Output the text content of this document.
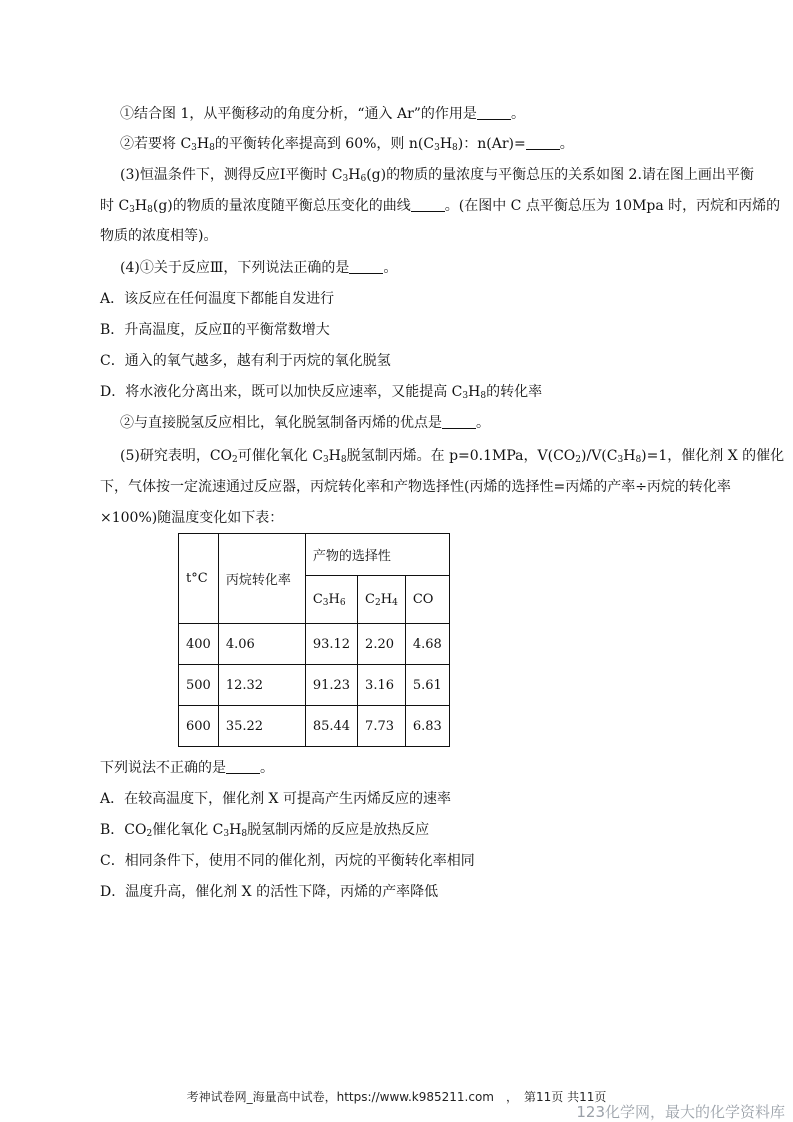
①结合图 1，从平衡移动的角度分析，“通入 Ar”的作用是 。
②若要将 $C_3H_8$的平衡转化率提高到 60%，则 $n(C_3H_8)$：n(Ar)= 。
(3)恒温条件下，测得反应Ⅰ平衡时 $C_3H_6(g)$的物质的量浓度与平衡总压的关系如图 2.请在图上画出平衡
时 $C_3H_8(g)$的物质的量浓度随平衡总压变化的曲线 。(在图中 C 点平衡总压为 10Mpa 时，丙烷和丙烯的
物质的浓度相等)。
(4)①关于反应Ⅲ，下列说法正确的是 。
A．该反应在任何温度下都能自发进行
B．升高温度，反应Ⅱ的平衡常数增大
C．通入的氧气越多，越有利于丙烷的氧化脱氢
D．将水液化分离出来，既可以加快反应速率，又能提高 $C_3H_8$的转化率
②与直接脱氢反应相比，氧化脱氢制备丙烯的优点是 。
(5)研究表明，$CO_2$可催化氧化 $C_3H_8$脱氢制丙烯。在 p=0.1MPa，$V(CO_2)/V(C_3H_8)=1$，催化剂 X 的催化
下，气体按一定流速通过反应器，丙烷转化率和产物选择性(丙烯的选择性=丙烯的产率÷丙烷的转化率
×100%)随温度变化如下表：
t°C	丙烷转化率	产物的选择性		
		$C_3H_6$	$C_2H_4$	CO
400	4.06	93.12	2.20	4.68
500	12.32	91.23	3.16	5.61
600	35.22	85.44	7.73	6.83
下列说法不正确的是 。
A．在较高温度下，催化剂 X 可提高产生丙烯反应的速率
B．$CO_2$催化氧化 $C_3H_8$脱氢制丙烯的反应是放热反应
C．相同条件下，使用不同的催化剂，丙烷的平衡转化率相同
D．温度升高，催化剂 X 的活性下降，丙烯的产率降低
考神试卷网_海量高中试卷，https://www.k985211.com　，　第11页 共11页
123化学网，最大的化学资料库
